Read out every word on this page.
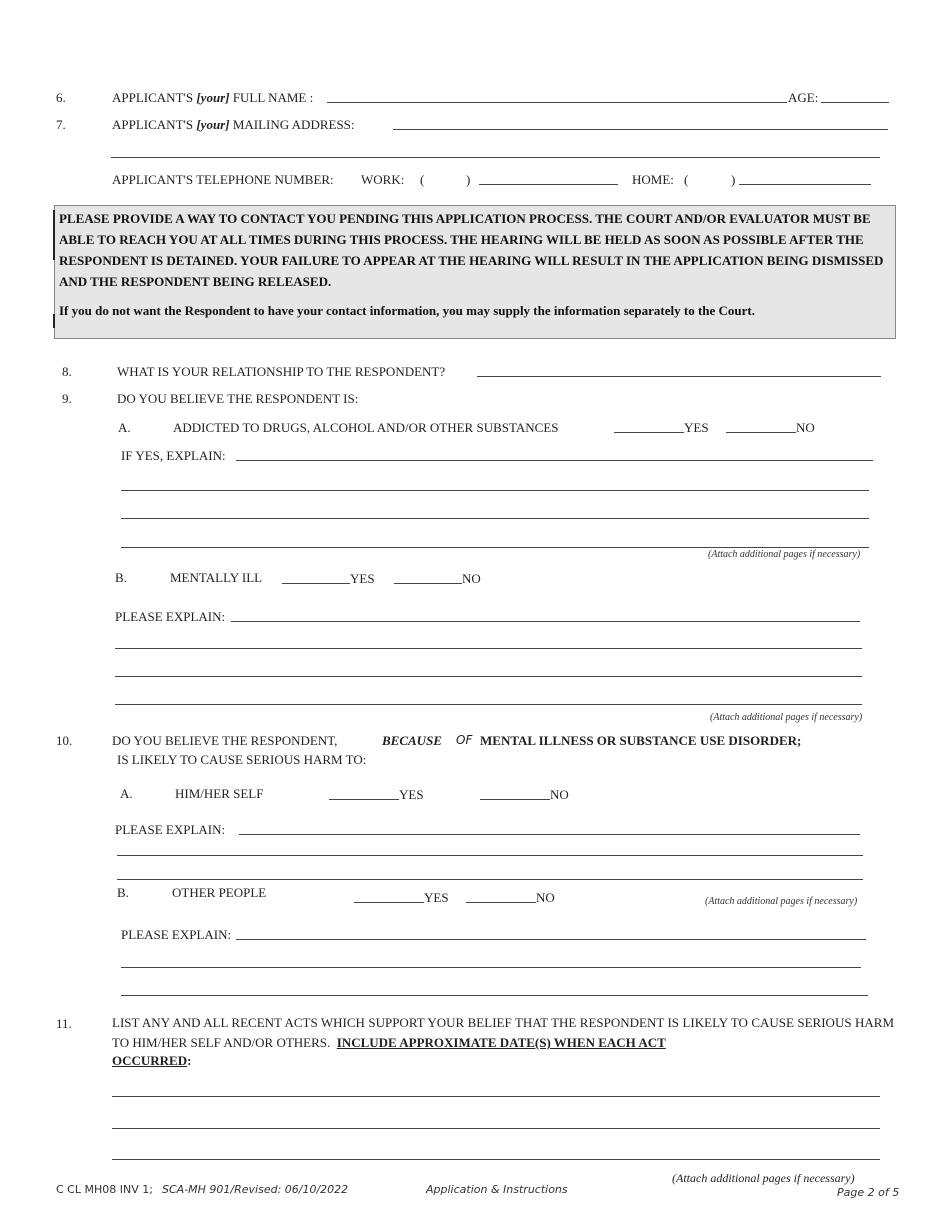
6.	APPLICANT'S [your] FULL NAME :	AGE:
7.	APPLICANT'S [your] MAILING ADDRESS:
APPLICANT'S TELEPHONE NUMBER: WORK: (	)	HOME: (	)

PLEASE PROVIDE A WAY TO CONTACT YOU PENDING THIS APPLICATION PROCESS. THE COURT AND/OR EVALUATOR MUST BE ABLE TO REACH YOU AT ALL TIMES DURING THIS PROCESS. THE HEARING WILL BE HELD AS SOON AS POSSIBLE AFTER THE RESPONDENT IS DETAINED. YOUR FAILURE TO APPEAR AT THE HEARING WILL RESULT IN THE APPLICATION BEING DISMISSED AND THE RESPONDENT BEING RELEASED.

If you do not want the Respondent to have your contact information, you may supply the information separately to the Court.

8.	WHAT IS YOUR RELATIONSHIP TO THE RESPONDENT?
9.	DO YOU BELIEVE THE RESPONDENT IS:
A.	ADDICTED TO DRUGS, ALCOHOL AND/OR OTHER SUBSTANCES	YES	NO
IF YES, EXPLAIN:
(Attach additional pages if necessary)
B.	MENTALLY ILL	YES	NO
PLEASE EXPLAIN:
(Attach additional pages if necessary)
10.	DO YOU BELIEVE THE RESPONDENT,	BECAUSE OF MENTAL ILLNESS OR SUBSTANCE USE DISORDER;
IS LIKELY TO CAUSE SERIOUS HARM TO:
A.	HIM/HER SELF	YES	NO
PLEASE EXPLAIN:
B.	OTHER PEOPLE	YES	NO	(Attach additional pages if necessary)
PLEASE EXPLAIN:
11.	LIST ANY AND ALL RECENT ACTS WHICH SUPPORT YOUR BELIEF THAT THE RESPONDENT IS LIKELY TO CAUSE SERIOUS HARM TO HIM/HER SELF AND/OR OTHERS. INCLUDE APPROXIMATE DATE(S) WHEN EACH ACT
OCCURRED:
(Attach additional pages if necessary)
C CL MH08 INV 1; SCA-MH 901/Revised: 06/10/2022	Application & Instructions	Page 2 of 5
